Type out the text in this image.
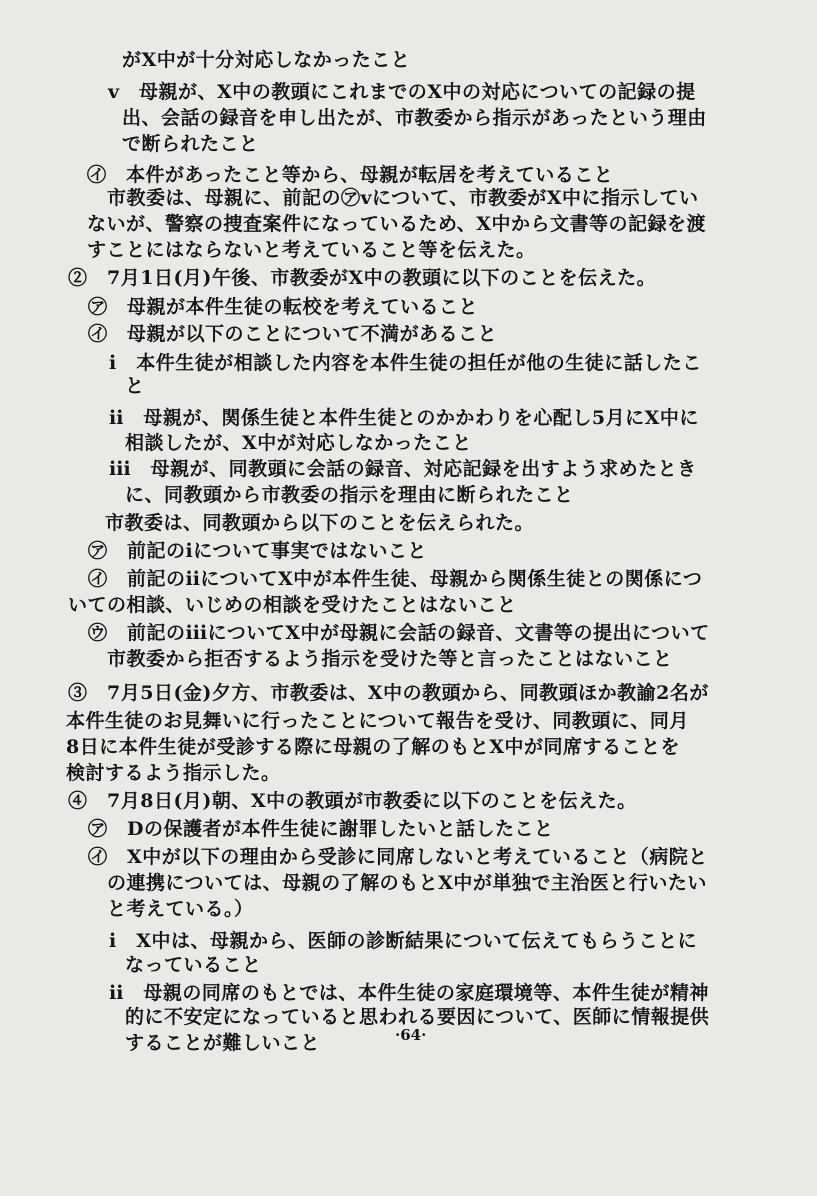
がX中が十分対応しなかったこと
v　母親が、X中の教頭にこれまでのX中の対応についての記録の提
出、会話の録音を申し出たが、市教委から指示があったという理由
で断られたこと
㋑　本件があったこと等から、母親が転居を考えていること
市教委は、母親に、前記の㋐ⅴについて、市教委がX中に指示してい
ないが、警察の捜査案件になっているため、X中から文書等の記録を渡
すことにはならないと考えていること等を伝えた。
②　7月1日(月)午後、市教委がX中の教頭に以下のことを伝えた。
㋐　母親が本件生徒の転校を考えていること
㋑　母親が以下のことについて不満があること
ⅰ　本件生徒が相談した内容を本件生徒の担任が他の生徒に話したこ
と
ⅱ　母親が、関係生徒と本件生徒とのかかわりを心配し5月にX中に
相談したが、X中が対応しなかったこと
ⅲ　母親が、同教頭に会話の録音、対応記録を出すよう求めたとき
に、同教頭から市教委の指示を理由に断られたこと
市教委は、同教頭から以下のことを伝えられた。
㋐　前記のⅰについて事実ではないこと
㋑　前記のⅱについてX中が本件生徒、母親から関係生徒との関係につ
いての相談、いじめの相談を受けたことはないこと
㋒　前記のⅲについてX中が母親に会話の録音、文書等の提出について
市教委から拒否するよう指示を受けた等と言ったことはないこと
③　7月5日(金)夕方、市教委は、X中の教頭から、同教頭ほか教諭2名が
本件生徒のお見舞いに行ったことについて報告を受け、同教頭に、同月
8日に本件生徒が受診する際に母親の了解のもとX中が同席することを
検討するよう指示した。
④　7月8日(月)朝、X中の教頭が市教委に以下のことを伝えた。
㋐　Dの保護者が本件生徒に謝罪したいと話したこと
㋑　X中が以下の理由から受診に同席しないと考えていること（病院と
の連携については、母親の了解のもとX中が単独で主治医と行いたい
と考えている。）
ⅰ　X中は、母親から、医師の診断結果について伝えてもらうことに
なっていること
ⅱ　母親の同席のもとでは、本件生徒の家庭環境等、本件生徒が精神
的に不安定になっていると思われる要因について、医師に情報提供
することが難しいこと	·64·
